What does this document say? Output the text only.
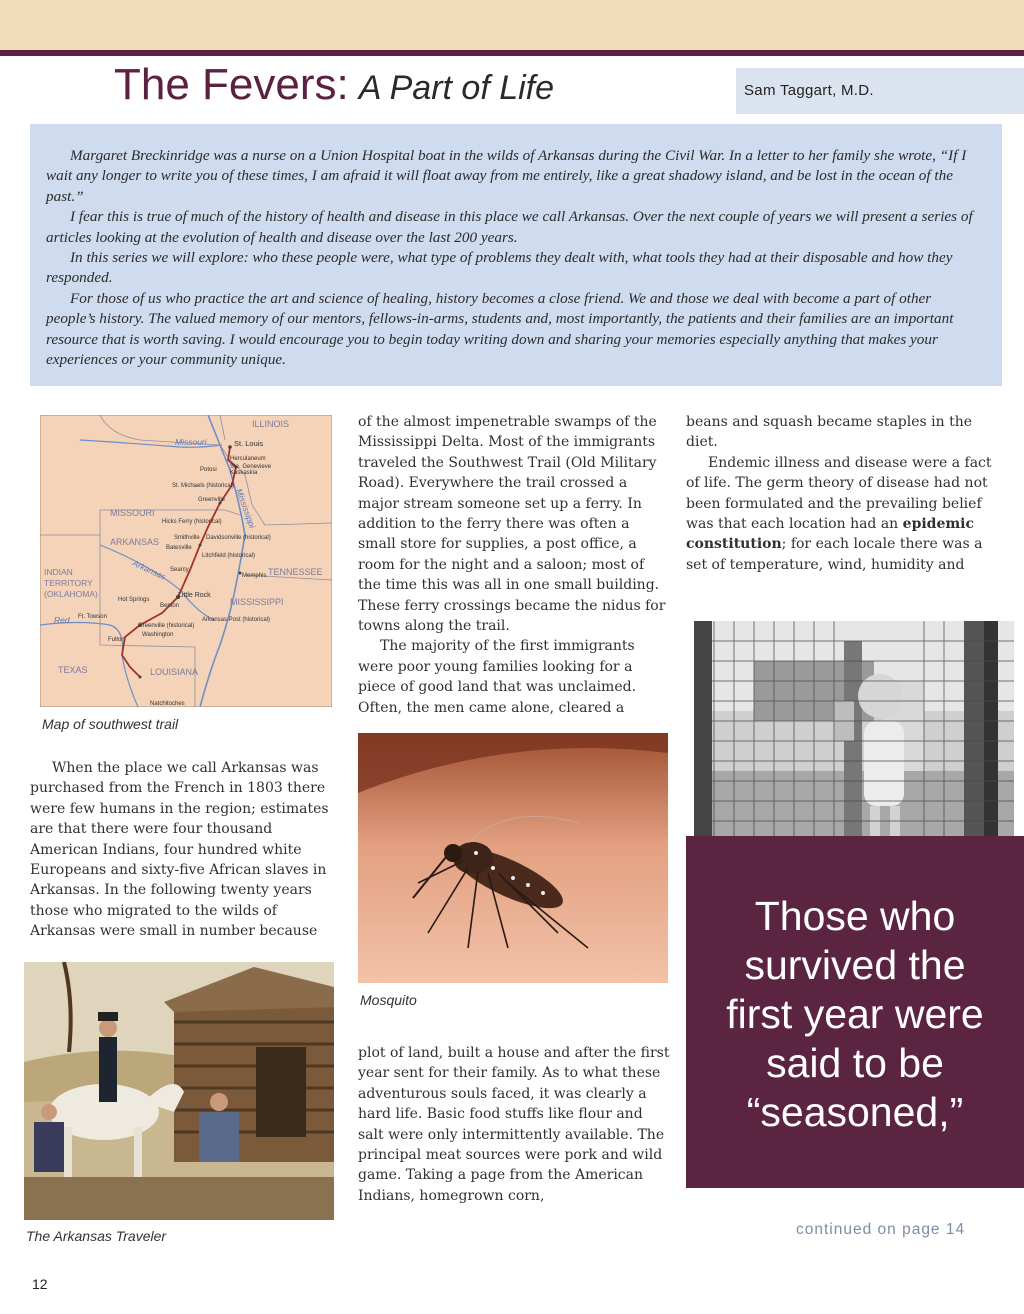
The Fevers: A Part of Life	Sam Taggart, M.D.

Margaret Breckinridge was a nurse on a Union Hospital boat in the wilds of Arkansas during the Civil War. In a letter to her family she wrote, “If I wait any longer to write you of these times, I am afraid it will float away from me entirely, like a great shadowy island, and be lost in the ocean of the past.”

I fear this is true of much of the history of health and disease in this place we call Arkansas. Over the next couple of years we will present a series of articles looking at the evolution of health and disease over the last 200 years.

In this series we will explore: who these people were, what type of problems they dealt with, what tools they had at their disposable and how they responded.

For those of us who practice the art and science of healing, history becomes a close friend. We and those we deal with become a part of other people’s history. The valued memory of our mentors, fellows-in-arms, students and, most importantly, the patients and their families are an important resource that is worth saving. I would encourage you to begin today writing down and sharing your memories especially anything that makes your experiences or your community unique.

ILLINOIS
MISSOURI
ARKANSAS
INDIAN
TERRITORY
(OKLAHOMA)
TENNESSEE
MISSISSIPPI
TEXAS	LOUISIANA
Missouri
Mississippi
Arkansas
Red
St. Louis
Herculaneum
Ste. Genevieve
Kaskaskia
Potosi
St. Michaels (historical)
Greenville
Hicks Ferry (historical)
Smithville Davidsonville (historical)
Batesville
Litchfield (historical)
Searcy
Memphis
Little Rock
Hot Springs
Benton
Ft. Towson
Greenville (historical)
Washington
Fulton
Arkansas Post (historical)
Natchitoches

Map of southwest trail

When the place we call Arkansas was purchased from the French in 1803 there were few humans in the region; estimates are that there were four thousand American Indians, four hundred white Europeans and sixty-five African slaves in Arkansas. In the following twenty years those who migrated to the wilds of Arkansas were small in number because

The Arkansas Traveler

of the almost impenetrable swamps of the Mississippi Delta. Most of the immigrants traveled the Southwest Trail (Old Military Road). Everywhere the trail crossed a major stream someone set up a ferry. In addition to the ferry there was often a small store for supplies, a post office, a room for the night and a saloon; most of the time this was all in one small building. These ferry crossings became the nidus for towns along the trail.

The majority of the first immigrants were poor young families looking for a piece of good land that was unclaimed. Often, the men came alone, cleared a

Mosquito

plot of land, built a house and after the first year sent for their family. As to what these adventurous souls faced, it was clearly a hard life. Basic food stuffs like flour and salt were only intermittently available. The principal meat sources were pork and wild game. Taking a page from the American Indians, homegrown corn,

beans and squash became staples in the diet.

Endemic illness and disease were a fact of life. The germ theory of disease had not been formulated and the prevailing belief was that each location had an epidemic constitution; for each locale there was a set of temperature, wind, humidity and

Those who

survived the

first year were

said to be

“seasoned,”

continued on page 14

12
